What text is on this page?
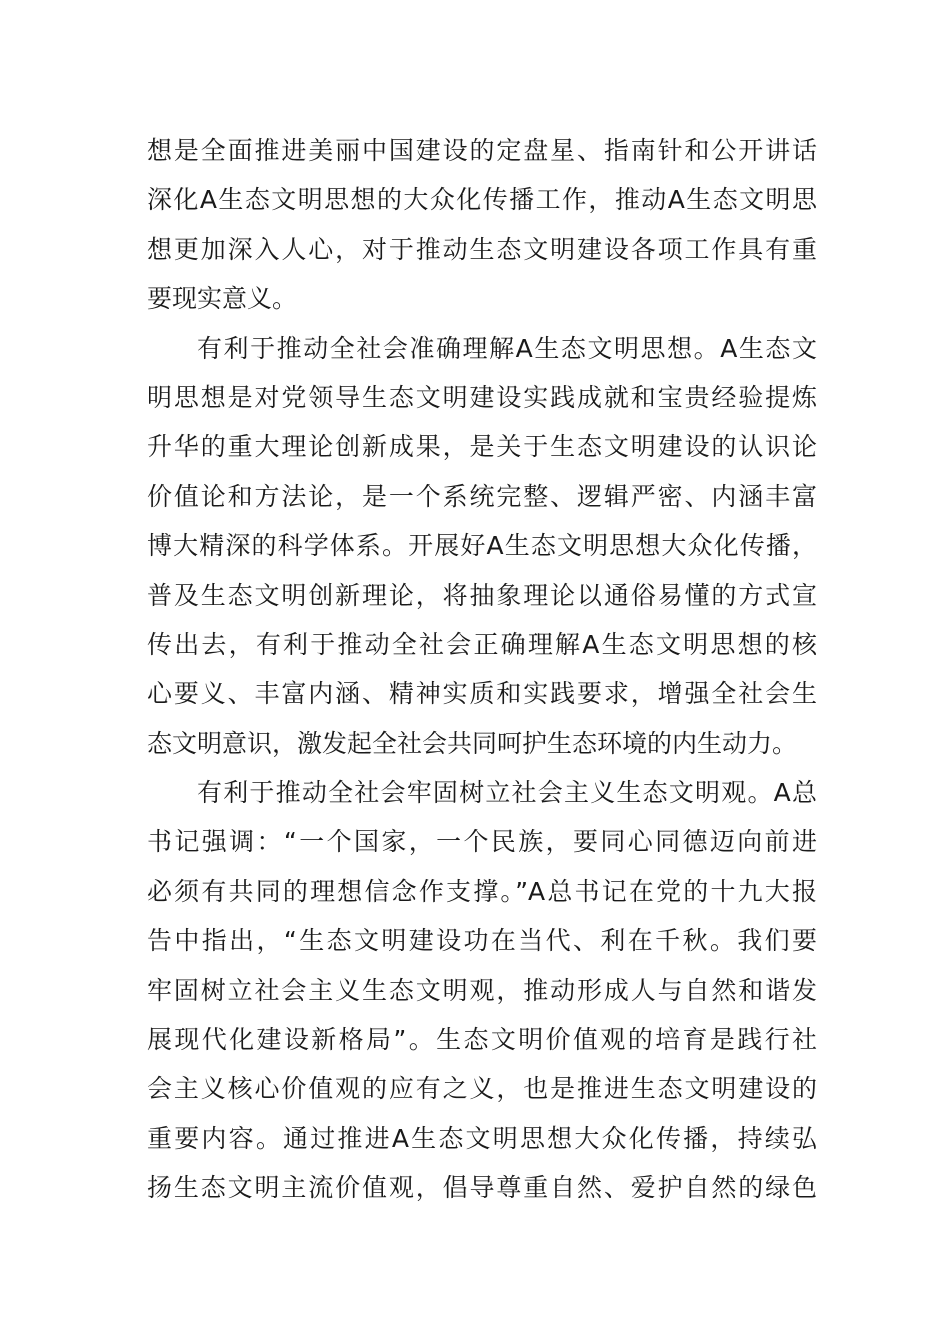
想是全面推进美丽中国建设的定盘星、指南针和公开讲话
深化A生态文明思想的大众化传播工作，推动A生态文明思
想更加深入人心，对于推动生态文明建设各项工作具有重
要现实意义。
有利于推动全社会准确理解A生态文明思想。A生态文
明思想是对党领导生态文明建设实践成就和宝贵经验提炼
升华的重大理论创新成果，是关于生态文明建设的认识论
价值论和方法论，是一个系统完整、逻辑严密、内涵丰富
博大精深的科学体系。开展好A生态文明思想大众化传播，
普及生态文明创新理论，将抽象理论以通俗易懂的方式宣
传出去，有利于推动全社会正确理解A生态文明思想的核
心要义、丰富内涵、精神实质和实践要求，增强全社会生
态文明意识，激发起全社会共同呵护生态环境的内生动力。
有利于推动全社会牢固树立社会主义生态文明观。A总
书记强调：“一个国家，一个民族，要同心同德迈向前进
必须有共同的理想信念作支撑。”A总书记在党的十九大报
告中指出，“生态文明建设功在当代、利在千秋。我们要
牢固树立社会主义生态文明观，推动形成人与自然和谐发
展现代化建设新格局”。生态文明价值观的培育是践行社
会主义核心价值观的应有之义，也是推进生态文明建设的
重要内容。通过推进A生态文明思想大众化传播，持续弘
扬生态文明主流价值观，倡导尊重自然、爱护自然的绿色
